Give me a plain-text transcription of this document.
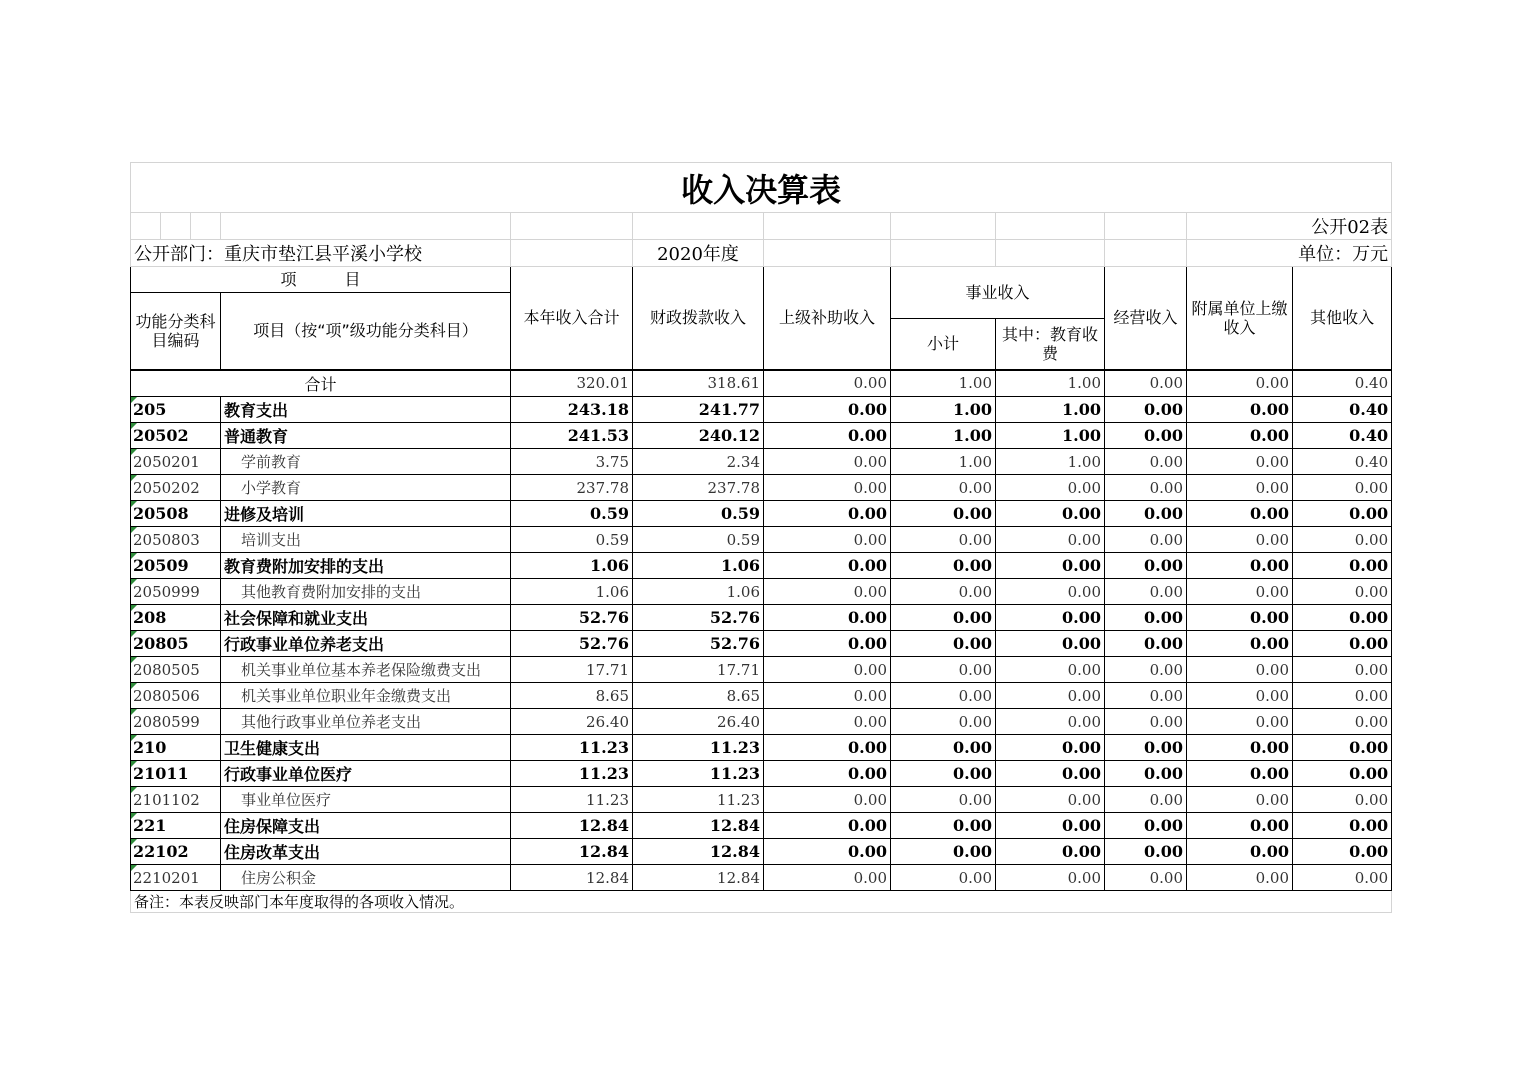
收入决算表											
										公开02表	
公开部门：重庆市垫江县平溪小学校					2020年度					单位：万元	
项　　　目				本年收入合计	财政拨款收入	上级补助收入	事业收入		经营收入	附属单位上缴收入	其他收入
功能分类科目编码			项目（按“项”级功能分类科目）								
							小计	其中：教育收费			
合计				320.01	318.61	0.00	1.00	1.00	0.00	0.00	0.40
205			教育支出	243.18	241.77	0.00	1.00	1.00	0.00	0.00	0.40
20502			普通教育	241.53	240.12	0.00	1.00	1.00	0.00	0.00	0.40
2050201			学前教育	3.75	2.34	0.00	1.00	1.00	0.00	0.00	0.40
2050202			小学教育	237.78	237.78	0.00	0.00	0.00	0.00	0.00	0.00
20508			进修及培训	0.59	0.59	0.00	0.00	0.00	0.00	0.00	0.00
2050803			培训支出	0.59	0.59	0.00	0.00	0.00	0.00	0.00	0.00
20509			教育费附加安排的支出	1.06	1.06	0.00	0.00	0.00	0.00	0.00	0.00
2050999			其他教育费附加安排的支出	1.06	1.06	0.00	0.00	0.00	0.00	0.00	0.00
208			社会保障和就业支出	52.76	52.76	0.00	0.00	0.00	0.00	0.00	0.00
20805			行政事业单位养老支出	52.76	52.76	0.00	0.00	0.00	0.00	0.00	0.00
2080505			机关事业单位基本养老保险缴费支出	17.71	17.71	0.00	0.00	0.00	0.00	0.00	0.00
2080506			机关事业单位职业年金缴费支出	8.65	8.65	0.00	0.00	0.00	0.00	0.00	0.00
2080599			其他行政事业单位养老支出	26.40	26.40	0.00	0.00	0.00	0.00	0.00	0.00
210			卫生健康支出	11.23	11.23	0.00	0.00	0.00	0.00	0.00	0.00
21011			行政事业单位医疗	11.23	11.23	0.00	0.00	0.00	0.00	0.00	0.00
2101102			事业单位医疗	11.23	11.23	0.00	0.00	0.00	0.00	0.00	0.00
221			住房保障支出	12.84	12.84	0.00	0.00	0.00	0.00	0.00	0.00
22102			住房改革支出	12.84	12.84	0.00	0.00	0.00	0.00	0.00	0.00
2210201			住房公积金	12.84	12.84	0.00	0.00	0.00	0.00	0.00	0.00
备注：本表反映部门本年度取得的各项收入情况。											
